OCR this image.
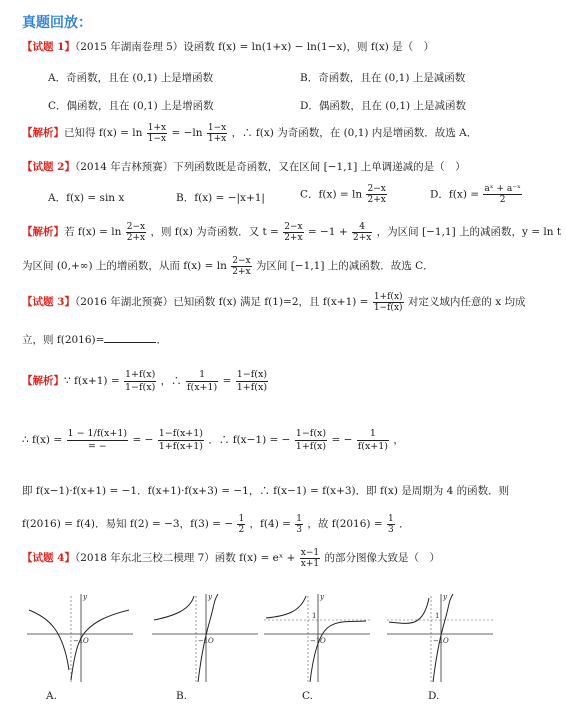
真题回放：
【试题 1】（2015 年湖南卷理 5）设函数 f(x) = ln(1+x) − ln(1−x)，则 f(x) 是（　）
A．奇函数，且在 (0,1) 上是增函数	B．奇函数，且在 (0,1) 上是减函数
C．偶函数，且在 (0,1) 上是增函数	D．偶函数，且在 (0,1) 上是减函数
【解析】已知得 $f(x) = \ln \frac{1+x}{1-x} = -\ln \frac{1-x}{1+x}$ ，∴ f(x) 为奇函数，在 (0,1) 内是增函数．故选 A．
【试题 2】（2014 年吉林预赛）下列函数既是奇函数，又在区间 [−1,1] 上单调递减的是（　）
A．f(x) = sin x	B．f(x) = −|x+1|	C．$f(x) = \ln \frac{2-x}{2+x}$	D．$f(x) = \frac{\text{aˣ + a⁻ˣ}}{2}$
【解析】若 $f(x) = \ln \frac{2-x}{2+x}$ ，则 f(x) 为奇函数．又 $t = \frac{2-x}{2+x} = -1 + \frac{4}{2+x}$ ，为区间 [−1,1] 上的减函数，y = ln t
为区间 (0,+∞) 上的增函数，从而 $f(x) = \ln \frac{2-x}{2+x}$ 为区间 [−1,1] 上的减函数．故选 C．
【试题 3】（2016 年湖北预赛）已知函数 f(x) 满足 f(1)=2，且 $f(x+1) = \frac{1+f(x)}{1-f(x)}$ 对定义域内任意的 x 均成
立，则 f(2016)=	．
【解析】∵ $f(x+1) = \frac{1+f(x)}{1-f(x)}$ ，∴ $\frac{1}{f(x+1)} = \frac{1-f(x)}{1+f(x)}$
∴ $f(x) = \frac{1 - 1/f(x+1)}{= -}$ = − $\frac{1-f(x+1)}{1+f(x+1)}$ ．∴ f(x−1) = − $\frac{1-f(x)}{1+f(x)}$ = − $\frac{1}{f(x+1)}$ ，
即 f(x−1)·f(x+1) = −1．f(x+1)·f(x+3) = −1，∴ f(x−1) = f(x+3)．即 f(x) 是周期为 4 的函数．则
f(2016) = f(4)．易知 f(2) = −3，f(3) = − $\frac{1}{2}$ ，$f(4) = \frac{1}{3}$ ，故 $f(2016) = \frac{1}{3}$ ．
【试题 4】（2018 年东北三校二模理 7）函数 f(x) = eˣ + $\frac{x-1}{x+1}$ 的部分图像大致是（　）
−1 O
y
A.
−1 O
y
B.
−1 O
1
y
C.
−1 O
1
y
D.
